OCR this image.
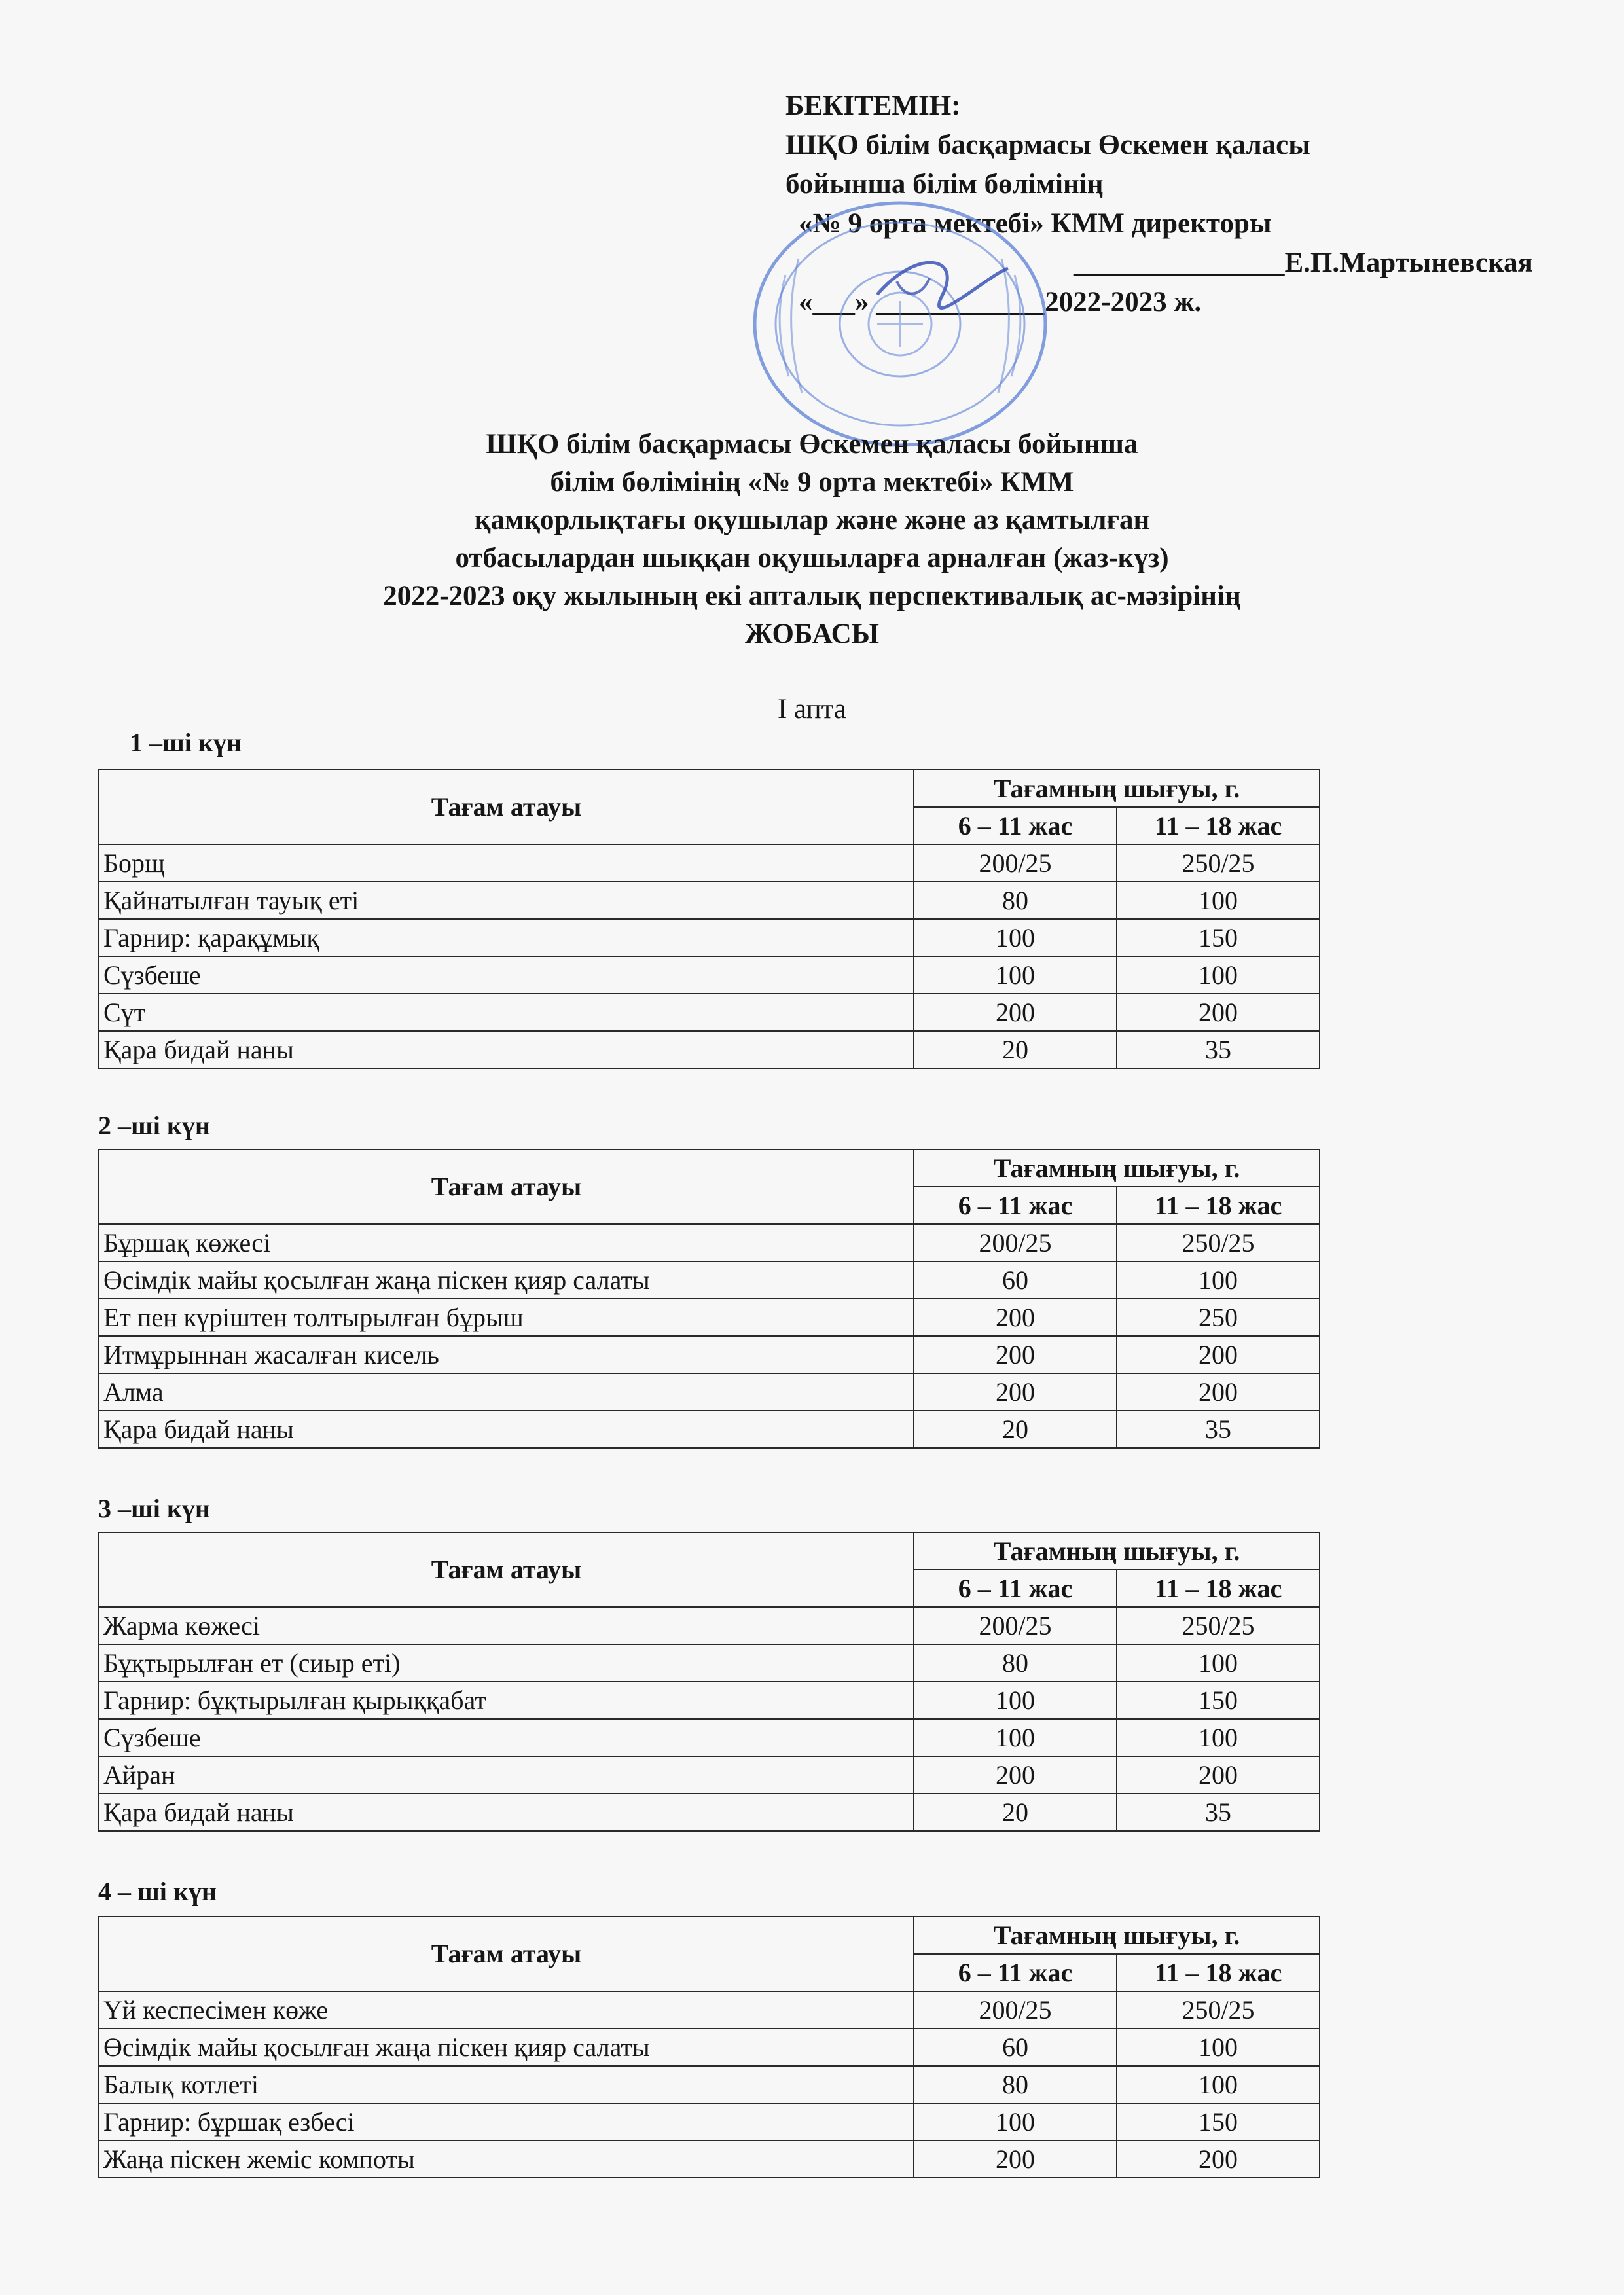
БЕКІТЕМІН:
ШҚО білім басқармасы Өскемен қаласы
бойынша білім бөлімінің
«№ 9 орта мектебі» КММ директоры
_______________Е.П.Мартыневская
«___» ____________2022-2023 ж.
ШҚО білім басқармасы Өскемен қаласы бойынша
білім бөлімінің «№ 9 орта мектебі» КММ
қамқорлықтағы оқушылар және және аз қамтылған
отбасылардан шыққан оқушыларға арналған (жаз-күз)
2022-2023 оқу жылының екі апталық перспективалық ас-мәзірінің
ЖОБАСЫ
І апта
1 –ші күн
Тағам атауы	Тағамның шығуы, г.	
	6 – 11 жас	11 – 18 жас
Борщ	200/25	250/25
Қайнатылған тауық еті	80	100
Гарнир: қарақұмық	100	150
Сүзбеше	100	100
Сүт	200	200
Қара бидай наны	20	35
2 –ші күн
Тағам атауы	Тағамның шығуы, г.	
	6 – 11 жас	11 – 18 жас
Бұршақ көжесі	200/25	250/25
Өсімдік майы қосылған жаңа піскен қияр салаты	60	100
Ет пен күріштен толтырылған бұрыш	200	250
Итмұрыннан жасалған кисель	200	200
Алма	200	200
Қара бидай наны	20	35
3 –ші күн
Тағам атауы	Тағамның шығуы, г.	
	6 – 11 жас	11 – 18 жас
Жарма көжесі	200/25	250/25
Бұқтырылған ет (сиыр еті)	80	100
Гарнир: бұқтырылған қырыққабат	100	150
Сүзбеше	100	100
Айран	200	200
Қара бидай наны	20	35
4 – ші күн
Тағам атауы	Тағамның шығуы, г.	
	6 – 11 жас	11 – 18 жас
Үй кеспесімен көже	200/25	250/25
Өсімдік майы қосылған жаңа піскен қияр салаты	60	100
Балық котлеті	80	100
Гарнир: бұршақ езбесі	100	150
Жаңа піскен жеміс компоты	200	200
